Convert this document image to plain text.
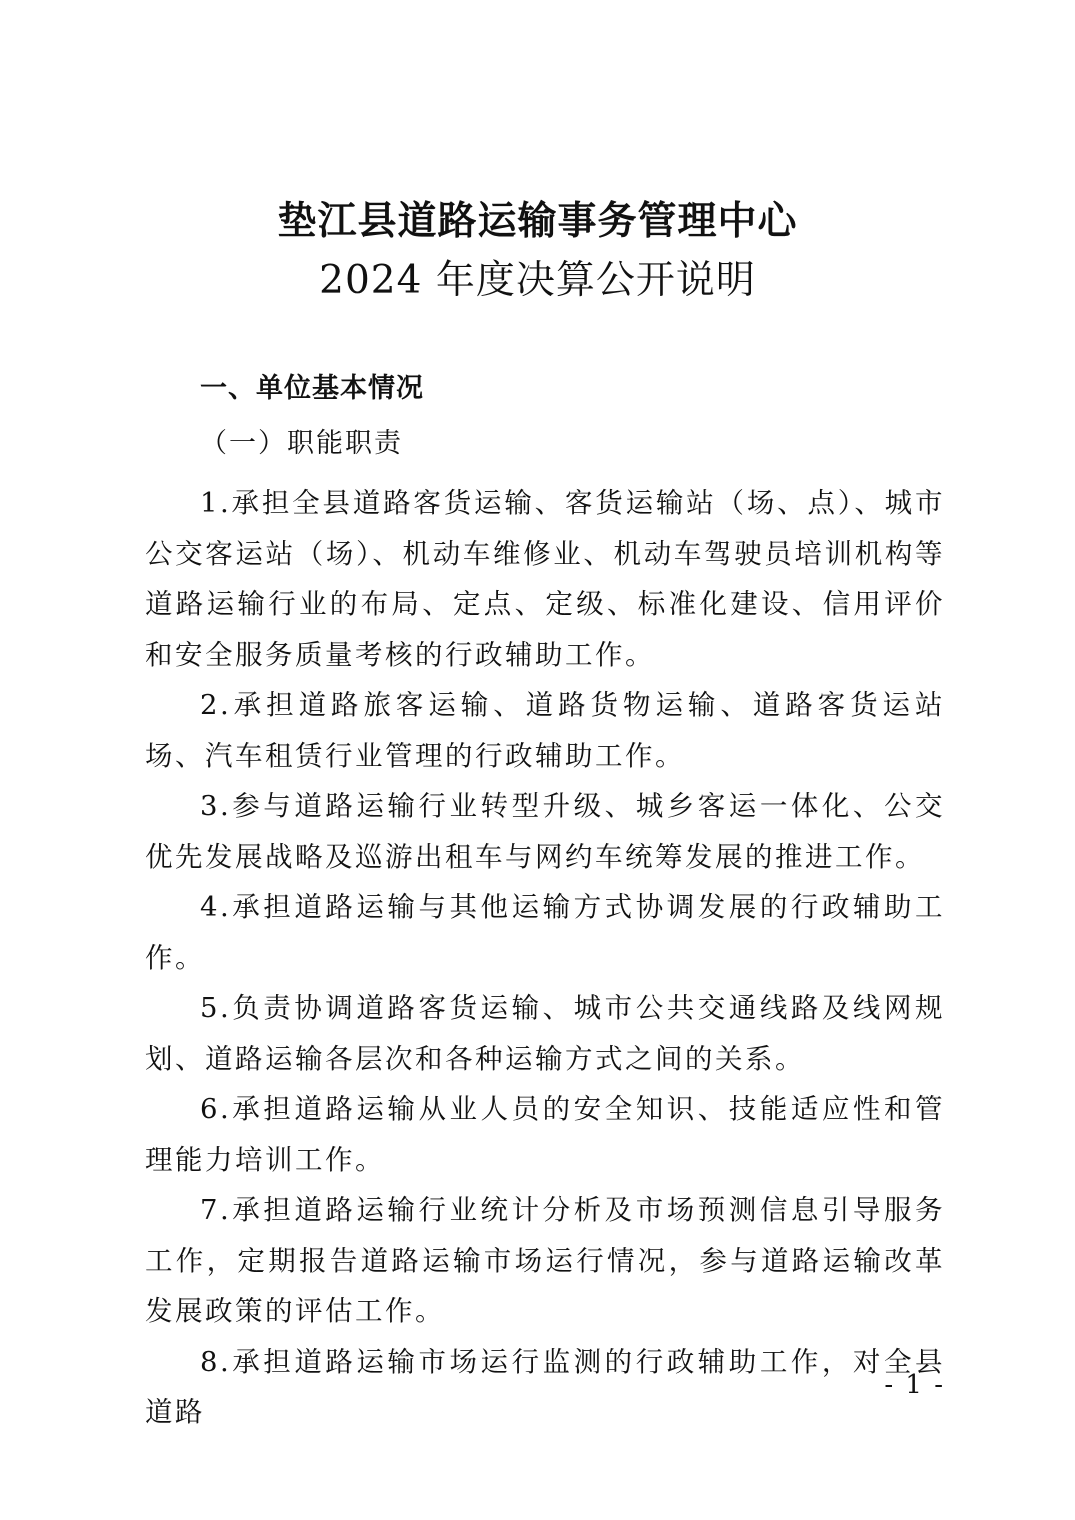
垫江县道路运输事务管理中心
2024 年度决算公开说明
一、单位基本情况
（一）职能职责

1.承担全县道路客货运输、客货运输站（场、点）、城市公交客运站（场）、机动车维修业、机动车驾驶员培训机构等道路运输行业的布局、定点、定级、标准化建设、信用评价和安全服务质量考核的行政辅助工作。

2.承担道路旅客运输、道路货物运输、道路客货运站场、汽车租赁行业管理的行政辅助工作。

3.参与道路运输行业转型升级、城乡客运一体化、公交优先发展战略及巡游出租车与网约车统筹发展的推进工作。

4.承担道路运输与其他运输方式协调发展的行政辅助工作。

5.负责协调道路客货运输、城市公共交通线路及线网规划、道路运输各层次和各种运输方式之间的关系。

6.承担道路运输从业人员的安全知识、技能适应性和管理能力培训工作。

7.承担道路运输行业统计分析及市场预测信息引导服务工作，定期报告道路运输市场运行情况，参与道路运输改革发展政策的评估工作。

8.承担道路运输市场运行监测的行政辅助工作，对全县道路

- 1 -
